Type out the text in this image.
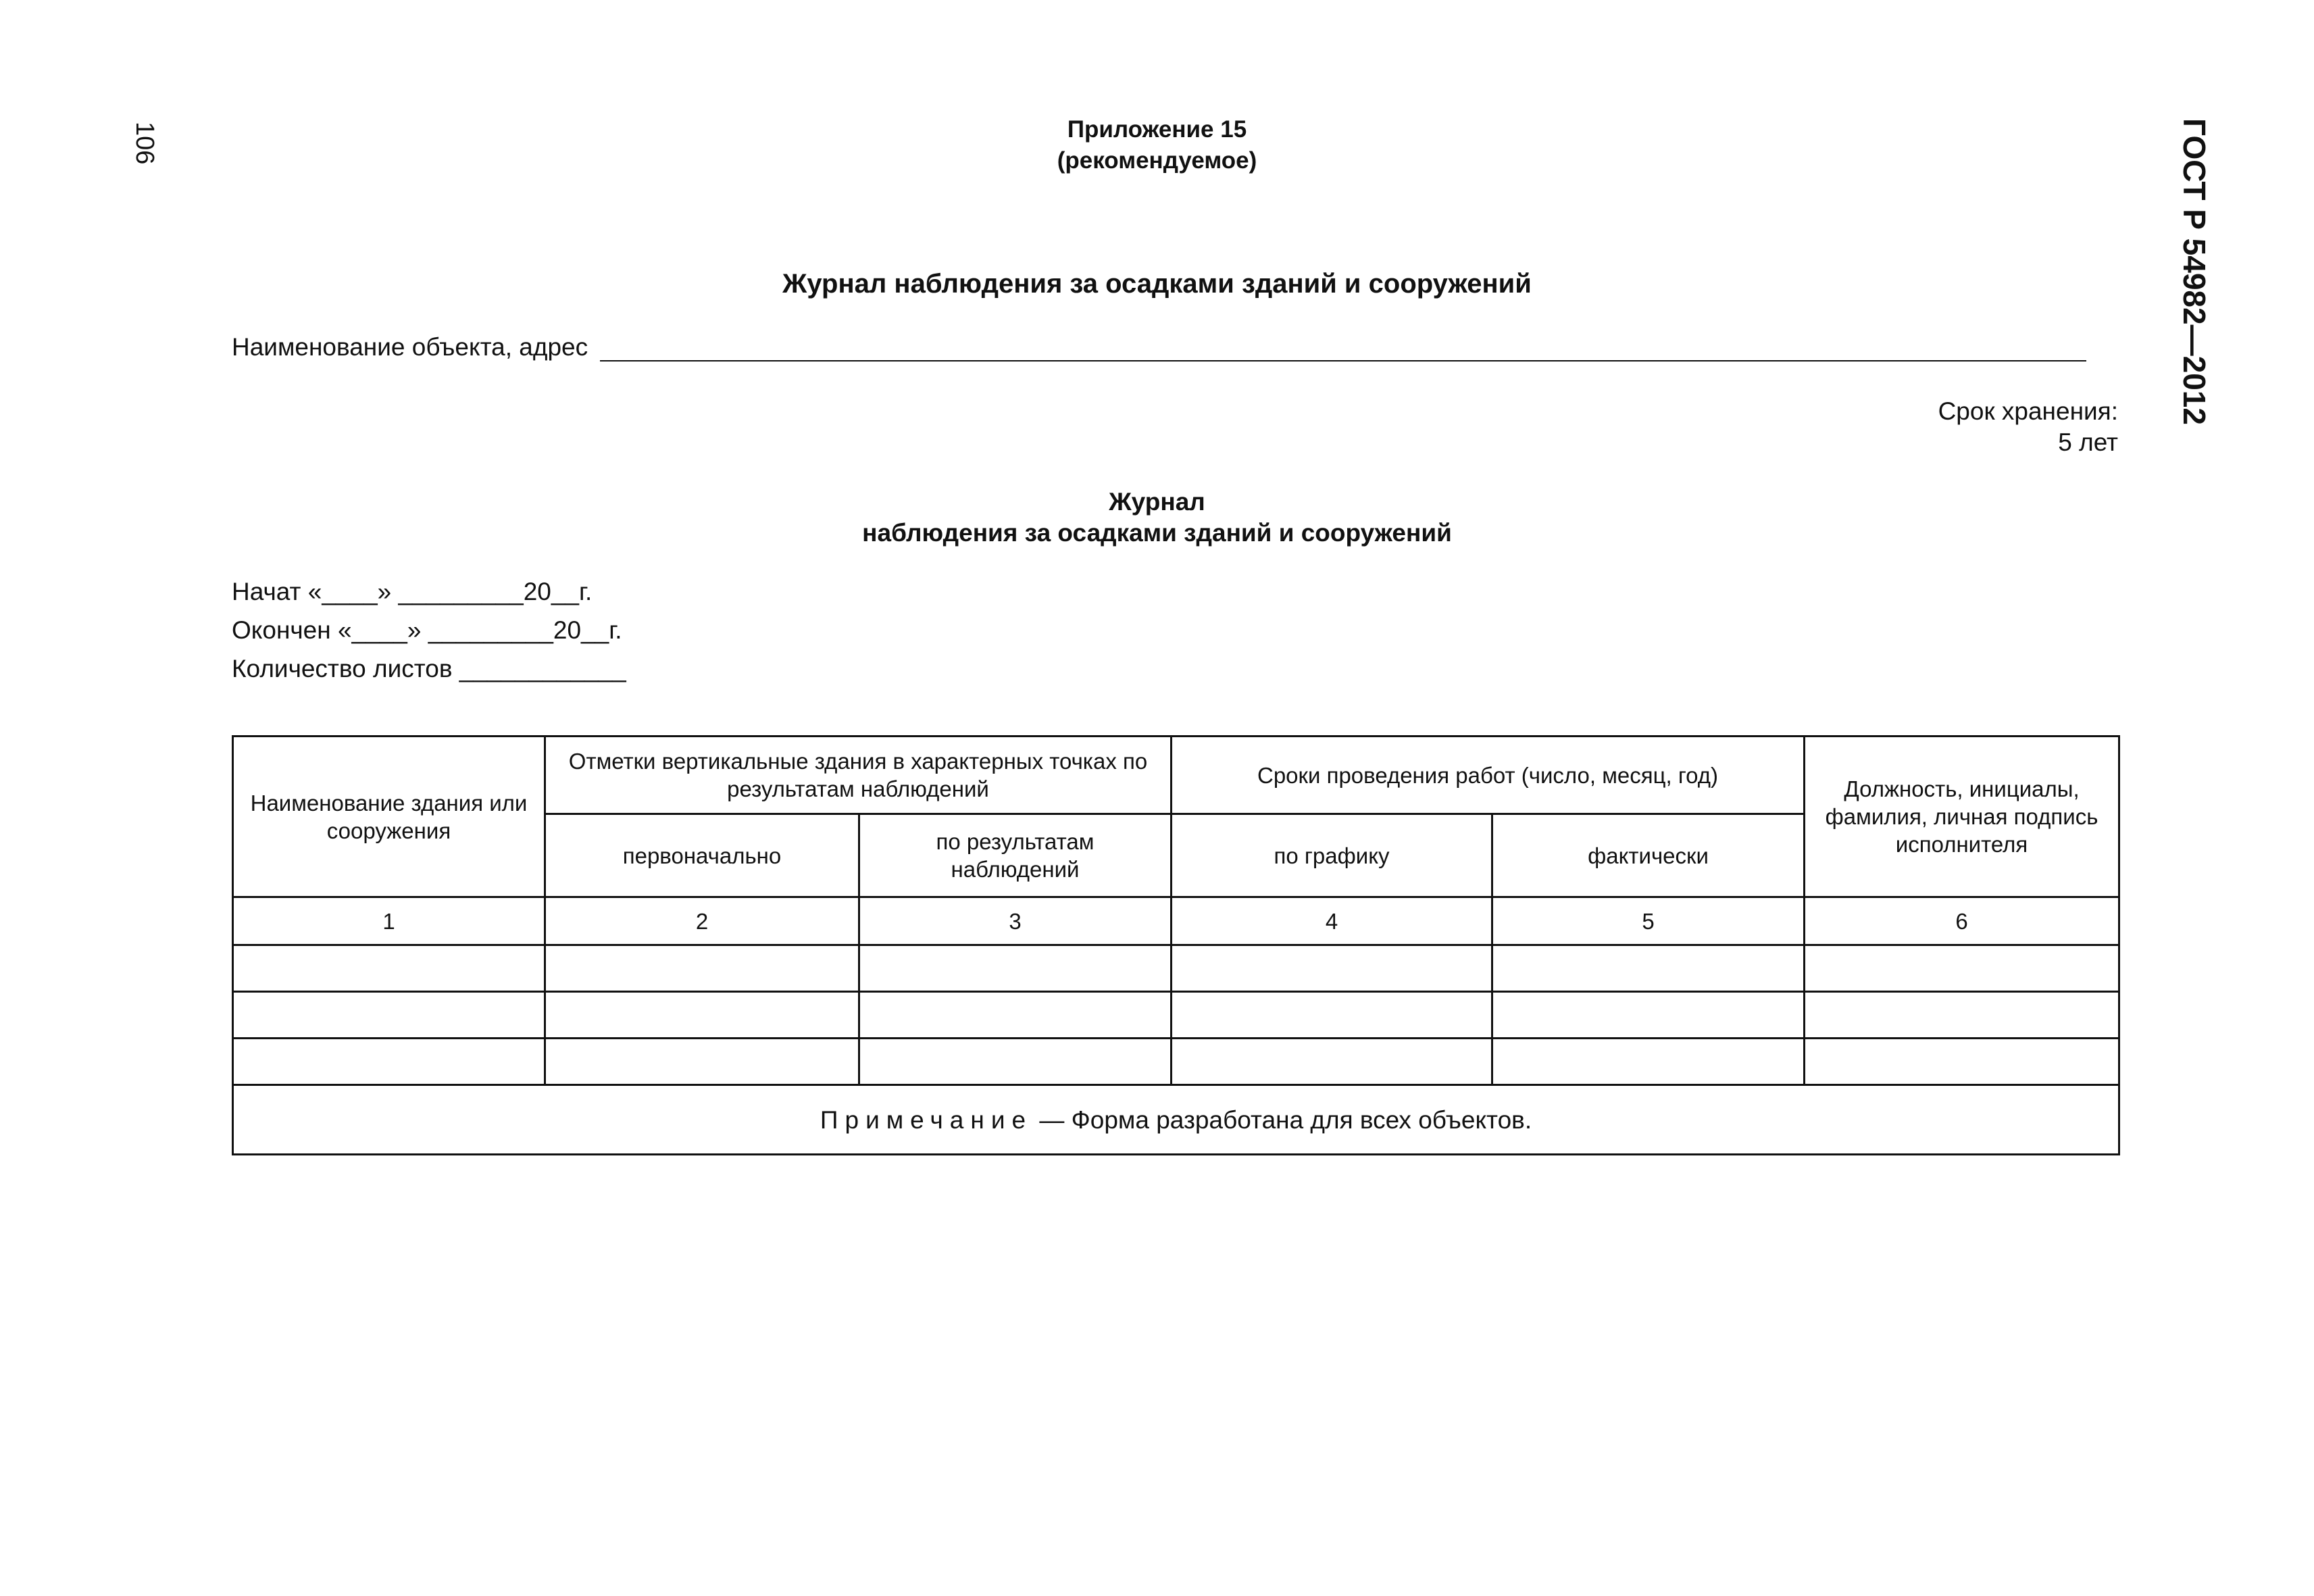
106	ГОСТ Р 54982—2012
Приложение 15
(рекомендуемое)
Журнал наблюдения за осадками зданий и сооружений
Наименование объекта, адрес
Срок хранения:
5 лет
Журнал
наблюдения за осадками зданий и сооружений
Начат «____» _________20__г.
Окончен «____» _________20__г.
Количество листов ____________
Наименование здания или сооружения	Отметки вертикальные здания в характерных точках по результатам наблюдений		Сроки проведения работ (число, месяц, год)		Должность, инициалы, фамилия, личная подпись исполнителя
	первоначально	по результатам наблюдений	по графику	фактически	
1	2	3	4	5	6

Примечание — Форма разработана для всех объектов.					
